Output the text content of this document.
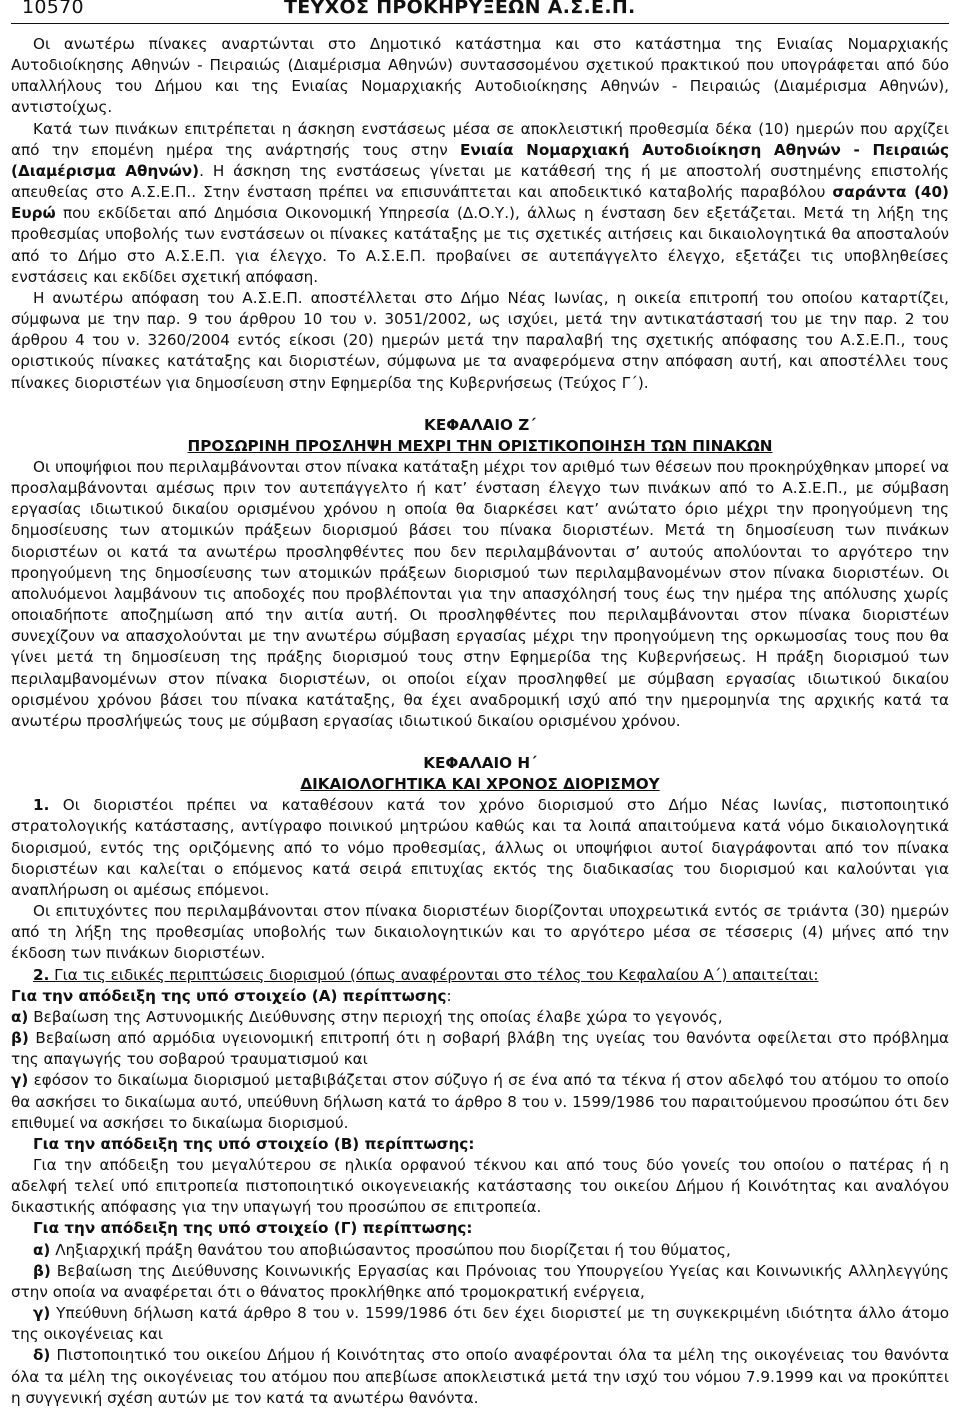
10570	ΤΕΥΧΟΣ ΠΡΟΚΗΡΥΞΕΩΝ Α.Σ.Ε.Π.

Οι ανωτέρω πίνακες αναρτώνται στο Δημοτικό κατάστημα και στο κατάστημα της Ενιαίας Νομαρχιακής Αυτοδιοίκησης Αθηνών - Πειραιώς (Διαμέρισμα Αθηνών) συντασσομένου σχετικού πρακτικού που υπογράφεται από δύο υπαλλήλους του Δήμου και της Ενιαίας Νομαρχιακής Αυτοδιοίκησης Αθηνών - Πειραιώς (Διαμέρισμα Αθηνών), αντιστοίχως.

Κατά των πινάκων επιτρέπεται η άσκηση ενστάσεως μέσα σε αποκλειστική προθεσμία δέκα (10) ημερών που αρχίζει από την επομένη ημέρα της ανάρτησής τους στην Ενιαία Νομαρχιακή Αυτοδιοίκηση Αθηνών - Πειραιώς (Διαμέρισμα Αθηνών). Η άσκηση της ενστάσεως γίνεται με κατάθεσή της ή με αποστολή συστημένης επιστολής απευθείας στο Α.Σ.Ε.Π.. Στην ένσταση πρέπει να επισυνάπτεται και αποδεικτικό καταβολής παραβόλου σαράντα (40) Ευρώ που εκδίδεται από Δημόσια Οικονομική Υπηρεσία (Δ.Ο.Υ.), άλλως η ένσταση δεν εξετάζεται. Μετά τη λήξη της προθεσμίας υποβολής των ενστάσεων οι πίνακες κατάταξης με τις σχετικές αιτήσεις και δικαιολογητικά θα αποσταλούν από το Δήμο στο Α.Σ.Ε.Π. για έλεγχο. Το Α.Σ.Ε.Π. προβαίνει σε αυτεπάγγελτο έλεγχο, εξετάζει τις υποβληθείσες ενστάσεις και εκδίδει σχετική απόφαση.

Η ανωτέρω απόφαση του Α.Σ.Ε.Π. αποστέλλεται στο Δήμο Νέας Ιωνίας, η οικεία επιτροπή του οποίου καταρτίζει, σύμφωνα με την παρ. 9 του άρθρου 10 του ν. 3051/2002, ως ισχύει, μετά την αντικατάστασή του με την παρ. 2 του άρθρου 4 του ν. 3260/2004 εντός είκοσι (20) ημερών μετά την παραλαβή της σχετικής απόφασης του Α.Σ.Ε.Π., τους οριστικούς πίνακες κατάταξης και διοριστέων, σύμφωνα με τα αναφερόμενα στην απόφαση αυτή, και αποστέλλει τους πίνακες διοριστέων για δημοσίευση στην Εφημερίδα της Κυβερνήσεως (Τεύχος Γ΄).

ΚΕΦΑΛΑΙΟ Ζ΄

ΠΡΟΣΩΡΙΝΗ ΠΡΟΣΛΗΨΗ ΜΕΧΡΙ ΤΗΝ ΟΡΙΣΤΙΚΟΠΟΙΗΣΗ ΤΩΝ ΠΙΝΑΚΩΝ

Οι υποψήφιοι που περιλαμβάνονται στον πίνακα κατάταξη μέχρι τον αριθμό των θέσεων που προκηρύχθηκαν μπορεί να προσλαμβάνονται αμέσως πριν τον αυτεπάγγελτο ή κατ’ ένσταση έλεγχο των πινάκων από το Α.Σ.Ε.Π., με σύμβαση εργασίας ιδιωτικού δικαίου ορισμένου χρόνου η οποία θα διαρκέσει κατ’ ανώτατο όριο μέχρι την προηγούμενη της δημοσίευσης των ατομικών πράξεων διορισμού βάσει του πίνακα διοριστέων. Μετά τη δημοσίευση των πινάκων διοριστέων οι κατά τα ανωτέρω προσληφθέντες που δεν περιλαμβάνονται σ’ αυτούς απολύονται το αργότερο την προηγούμενη της δημοσίευσης των ατομικών πράξεων διορισμού των περιλαμβανομένων στον πίνακα διοριστέων. Οι απολυόμενοι λαμβάνουν τις αποδοχές που προβλέπονται για την απασχόλησή τους έως την ημέρα της απόλυσης χωρίς οποιαδήποτε αποζημίωση από την αιτία αυτή. Οι προσληφθέντες που περιλαμβάνονται στον πίνακα διοριστέων συνεχίζουν να απασχολούνται με την ανωτέρω σύμβαση εργασίας μέχρι την προηγούμενη της ορκωμοσίας τους που θα γίνει μετά τη δημοσίευση της πράξης διορισμού τους στην Εφημερίδα της Κυβερνήσεως. Η πράξη διορισμού των περιλαμβανομένων στον πίνακα διοριστέων, οι οποίοι είχαν προσληφθεί με σύμβαση εργασίας ιδιωτικού δικαίου ορισμένου χρόνου βάσει του πίνακα κατάταξης, θα έχει αναδρομική ισχύ από την ημερομηνία της αρχικής κατά τα ανωτέρω προσλήψεώς τους με σύμβαση εργασίας ιδιωτικού δικαίου ορισμένου χρόνου.

ΚΕΦΑΛΑΙΟ Η΄

ΔΙΚΑΙΟΛΟΓΗΤΙΚΑ ΚΑΙ ΧΡΟΝΟΣ ΔΙΟΡΙΣΜΟΥ

1. Οι διοριστέοι πρέπει να καταθέσουν κατά τον χρόνο διορισμού στο Δήμο Νέας Ιωνίας, πιστοποιητικό στρατολογικής κατάστασης, αντίγραφο ποινικού μητρώου καθώς και τα λοιπά απαιτούμενα κατά νόμο δικαιολογητικά διορισμού, εντός της οριζόμενης από το νόμο προθεσμίας, άλλως οι υποψήφιοι αυτοί διαγράφονται από τον πίνακα διοριστέων και καλείται ο επόμενος κατά σειρά επιτυχίας εκτός της διαδικασίας του διορισμού και καλούνται για αναπλήρωση οι αμέσως επόμενοι.

Οι επιτυχόντες που περιλαμβάνονται στον πίνακα διοριστέων διορίζονται υποχρεωτικά εντός σε τριάντα (30) ημερών από τη λήξη της προθεσμίας υποβολής των δικαιολογητικών και το αργότερο μέσα σε τέσσερις (4) μήνες από την έκδοση των πινάκων διοριστέων.

2. Για τις ειδικές περιπτώσεις διορισμού (όπως αναφέρονται στο τέλος του Κεφαλαίου Α΄) απαιτείται:

Για την απόδειξη της υπό στοιχείο (Α) περίπτωσης:

α) Βεβαίωση της Αστυνομικής Διεύθυνσης στην περιοχή της οποίας έλαβε χώρα το γεγονός,

β) Βεβαίωση από αρμόδια υγειονομική επιτροπή ότι η σοβαρή βλάβη της υγείας του θανόντα οφείλεται στο πρόβλημα της απαγωγής του σοβαρού τραυματισμού και

γ) εφόσον το δικαίωμα διορισμού μεταβιβάζεται στον σύζυγο ή σε ένα από τα τέκνα ή στον αδελφό του ατόμου το οποίο θα ασκήσει το δικαίωμα αυτό, υπεύθυνη δήλωση κατά το άρθρο 8 του ν. 1599/1986 του παραιτούμενου προσώπου ότι δεν επιθυμεί να ασκήσει το δικαίωμα διορισμού.

Για την απόδειξη της υπό στοιχείο (Β) περίπτωσης:

Για την απόδειξη του μεγαλύτερου σε ηλικία ορφανού τέκνου και από τους δύο γονείς του οποίου ο πατέρας ή η αδελφή τελεί υπό επιτροπεία πιστοποιητικό οικογενειακής κατάστασης του οικείου Δήμου ή Κοινότητας και αναλόγου δικαστικής απόφασης για την υπαγωγή του προσώπου σε επιτροπεία.

Για την απόδειξη της υπό στοιχείο (Γ) περίπτωσης:

α) Ληξιαρχική πράξη θανάτου του αποβιώσαντος προσώπου που διορίζεται ή του θύματος,

β) Βεβαίωση της Διεύθυνσης Κοινωνικής Εργασίας και Πρόνοιας του Υπουργείου Υγείας και Κοινωνικής Αλληλεγγύης στην οποία να αναφέρεται ότι ο θάνατος προκλήθηκε από τρομοκρατική ενέργεια,

γ) Υπεύθυνη δήλωση κατά άρθρο 8 του ν. 1599/1986 ότι δεν έχει διοριστεί με τη συγκεκριμένη ιδιότητα άλλο άτομο της οικογένειας και

δ) Πιστοποιητικό του οικείου Δήμου ή Κοινότητας στο οποίο αναφέρονται όλα τα μέλη της οικογένειας του θανόντα όλα τα μέλη της οικογένειας του ατόμου που απεβίωσε αποκλειστικά μετά την ισχύ του νόμου 7.9.1999 και να προκύπτει η συγγενική σχέση αυτών με τον κατά τα ανωτέρω θανόντα.
